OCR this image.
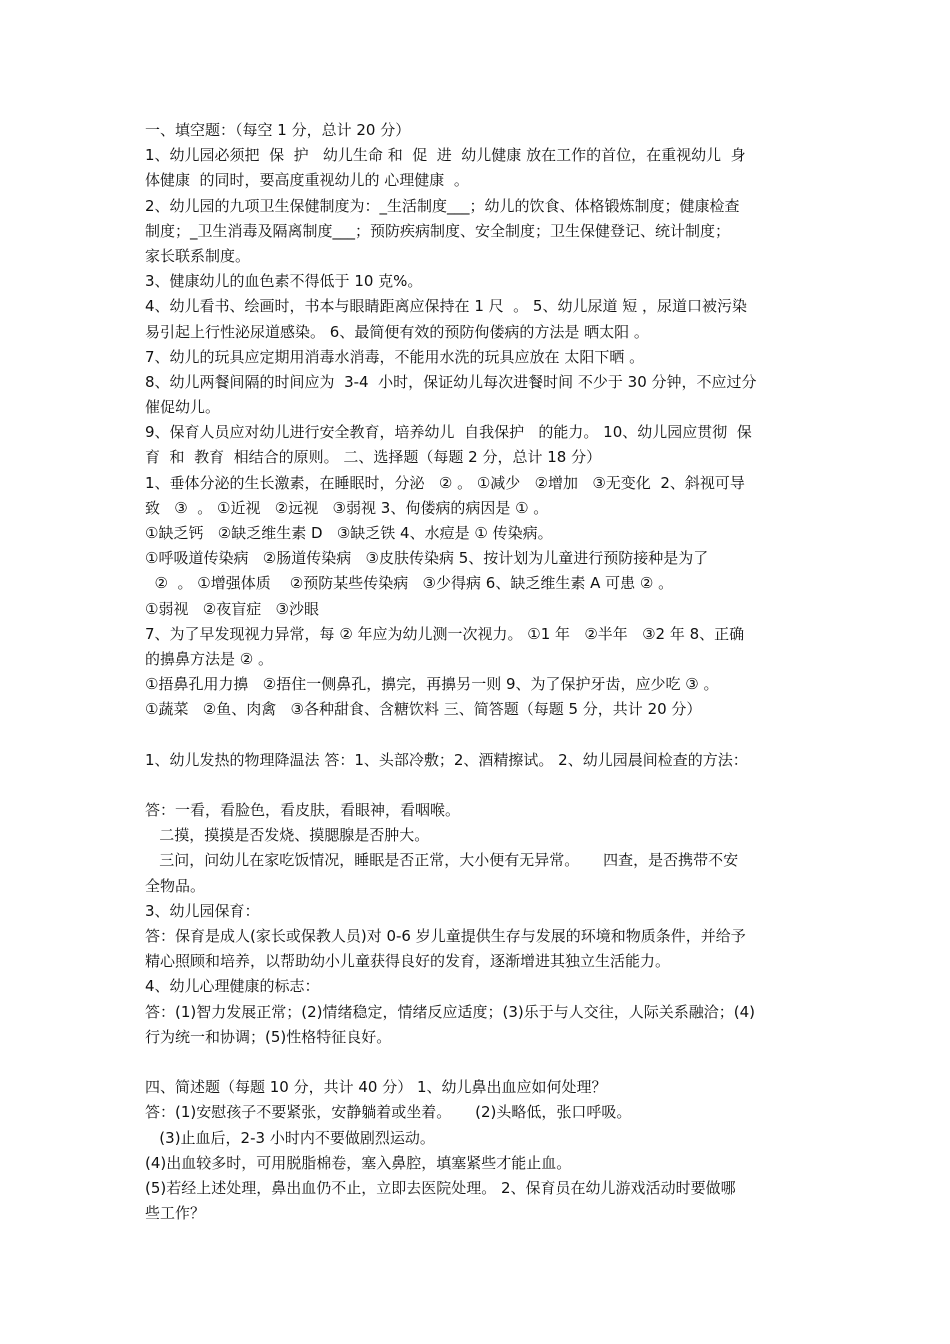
一、填空题：（每空 1 分，总计 20 分）
1、幼儿园必须把  保  护   幼儿生命 和  促  进  幼儿健康 放在工作的首位，在重视幼儿  身
体健康  的同时，要高度重视幼儿的 心理健康  。
2、幼儿园的九项卫生保健制度为：_生活制度___；幼儿的饮食、体格锻炼制度；健康检查
制度；_卫生消毒及隔离制度___；预防疾病制度、安全制度；卫生保健登记、统计制度；
家长联系制度。
3、健康幼儿的血色素不得低于 10 克%。
4、幼儿看书、绘画时，书本与眼睛距离应保持在 1 尺  。 5、幼儿尿道 短 ，尿道口被污染
易引起上行性泌尿道感染。 6、最简便有效的预防佝偻病的方法是 晒太阳 。
7、幼儿的玩具应定期用消毒水消毒，不能用水洗的玩具应放在 太阳下晒 。
8、幼儿两餐间隔的时间应为  3-4  小时，保证幼儿每次进餐时间 不少于 30 分钟，不应过分
催促幼儿。
9、保育人员应对幼儿进行安全教育，培养幼儿  自我保护   的能力。 10、幼儿园应贯彻  保
育  和  教育  相结合的原则。 二、选择题（每题 2 分，总计 18 分）
1、垂体分泌的生长激素，在睡眠时，分泌   ② 。 ①减少   ②增加   ③无变化  2、斜视可导
致   ③  。 ①近视   ②远视   ③弱视 3、佝偻病的病因是 ① 。
①缺乏钙   ②缺乏维生素 D   ③缺乏铁 4、水痘是 ① 传染病。
①呼吸道传染病   ②肠道传染病   ③皮肤传染病 5、按计划为儿童进行预防接种是为了
②  。 ①增强体质    ②预防某些传染病   ③少得病 6、缺乏维生素 A 可患 ② 。
①弱视   ②夜盲症   ③沙眼
7、为了早发现视力异常，每 ② 年应为幼儿测一次视力。 ①1 年   ②半年   ③2 年 8、正确
的擤鼻方法是 ② 。
①捂鼻孔用力擤   ②捂住一侧鼻孔，擤完，再擤另一则 9、为了保护牙齿，应少吃 ③ 。
①蔬菜   ②鱼、肉禽   ③各种甜食、含糖饮料 三、简答题（每题 5 分，共计 20 分）
1、幼儿发热的物理降温法 答：1、头部冷敷；2、酒精擦试。 2、幼儿园晨间检查的方法：
答：一看，看脸色，看皮肤，看眼神，看咽喉。
二摸，摸摸是否发烧、摸腮腺是否肿大。
三问，问幼儿在家吃饭情况，睡眠是否正常，大小便有无异常。     四查，是否携带不安
全物品。
3、幼儿园保育：
答：保育是成人(家长或保教人员)对 0-6 岁儿童提供生存与发展的环境和物质条件，并给予
精心照顾和培养，以帮助幼小儿童获得良好的发育，逐渐增进其独立生活能力。
4、幼儿心理健康的标志：
答：(1)智力发展正常；(2)情绪稳定，情绪反应适度；(3)乐于与人交往，人际关系融洽；(4)
行为统一和协调；(5)性格特征良好。
四、简述题（每题 10 分，共计 40 分） 1、幼儿鼻出血应如何处理？
答：(1)安慰孩子不要紧张，安静躺着或坐着。     (2)头略低，张口呼吸。
(3)止血后，2-3 小时内不要做剧烈运动。
(4)出血较多时，可用脱脂棉卷，塞入鼻腔，填塞紧些才能止血。
(5)若经上述处理，鼻出血仍不止，立即去医院处理。 2、保育员在幼儿游戏活动时要做哪
些工作？
